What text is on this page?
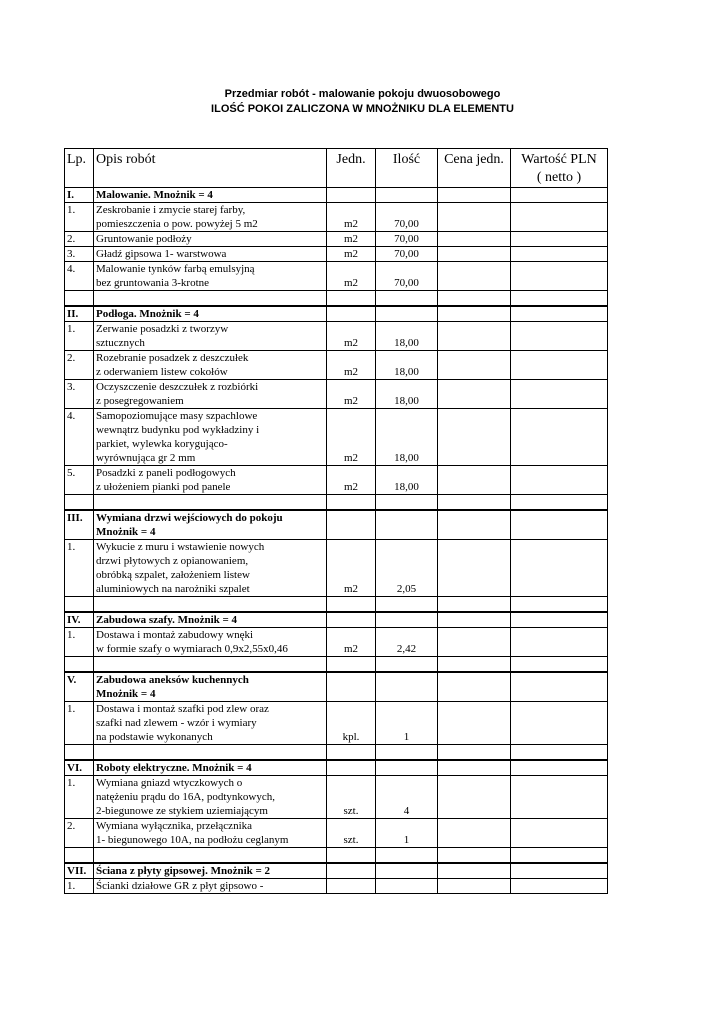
Przedmiar robót - malowanie pokoju dwuosobowego
ILOŚĆ POKOI ZALICZONA W MNOŻNIKU DLA ELEMENTU
Lp.	Opis robót	Jedn.	Ilość	Cena jedn.	Wartość PLN
( netto )

I.	Malowanie. Mnożnik = 4				

1.	Zeskrobanie i zmycie starej farby,
pomieszczenia o pow. powyżej 5 m2	m2	70,00		
2.	Gruntowanie podłoży	m2	70,00		
3.	Gładź gipsowa 1- warstwowa	m2	70,00		
4.	Malowanie tynków farbą emulsyjną
bez gruntowania 3-krotne	m2	70,00		

II.	Podłoga. Mnożnik = 4				

1.	Zerwanie posadzki z tworzyw
sztucznych	m2	18,00		
2.	Rozebranie posadzek z deszczułek
z oderwaniem listew cokołów	m2	18,00		
3.	Oczyszczenie deszczułek z rozbiórki
z posegregowaniem	m2	18,00		
4.	Samopoziomujące masy szpachlowe
wewnątrz budynku pod wykładziny i
parkiet, wylewka korygująco-
wyrównująca gr 2 mm	m2	18,00		
5.	Posadzki z paneli podłogowych
z ułożeniem pianki pod panele	m2	18,00		

III.	Wymiana drzwi wejściowych do pokoju
Mnożnik = 4				

1.	Wykucie z muru i wstawienie nowych
drzwi płytowych z opianowaniem,
obróbką szpalet, założeniem listew
aluminiowych na narożniki szpalet	m2	2,05		

IV.	Zabudowa szafy. Mnożnik = 4				

1.	Dostawa i montaż zabudowy wnęki
w formie szafy o wymiarach 0,9x2,55x0,46	m2	2,42		

V.	Zabudowa aneksów kuchennych
Mnożnik = 4				

1.	Dostawa i montaż szafki pod zlew oraz
szafki nad zlewem - wzór i wymiary
na podstawie wykonanych	kpl.	1		

VI.	Roboty elektryczne. Mnożnik = 4				

1.	Wymiana gniazd wtyczkowych o
natężeniu prądu do 16A, podtynkowych,
2-biegunowe ze stykiem uziemiającym	szt.	4		
2.	Wymiana wyłącznika, przełącznika
1- biegunowego 10A, na podłożu ceglanym	szt.	1		

VII.	Ściana z płyty gipsowej. Mnożnik = 2				

1.	Ścianki działowe GR z płyt gipsowo -				
